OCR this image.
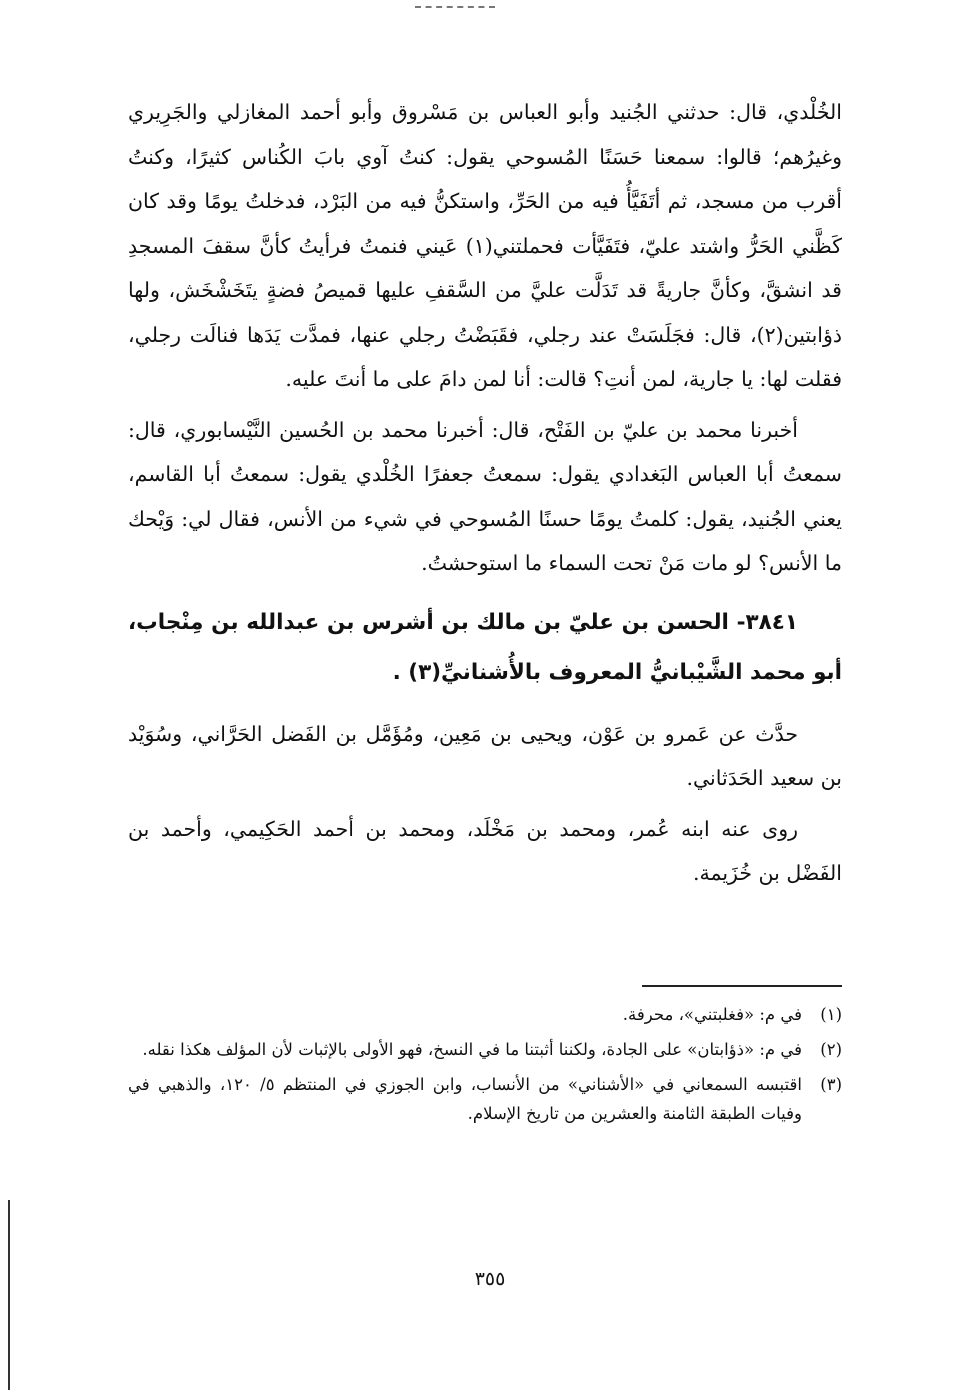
الخُلْدي، قال: حدثني الجُنيد وأبو العباس بن مَسْروق وأبو أحمد المغازلي والجَرِيري وغيرُهم؛ قالوا: سمعنا حَسَنًا المُسوحي يقول: كنتُ آوي بابَ الكُناس كثيرًا، وكنتُ أقرب من مسجد، ثم أتَفَيَّأُ فيه من الحَرِّ، واستكنُّ فيه من البَرْد، فدخلتُ يومًا وقد كان كَظَّني الحَرُّ واشتد عليّ، فتَفَيَّأت فحملتني(١) عَيني فنمتُ فرأيتُ كأنَّ سقفَ المسجدِ قد انشقَّ، وكأنَّ جاريةً قد تَدَلَّت عليَّ من السَّقفِ عليها قميصُ فضةٍ يتَخَشْخَش، ولها ذؤابتين(٢)، قال: فجَلَسَتْ عند رجلي، فقَبَضْتُ رجلي عنها، فمدَّت يَدَها فنالَت رجلي، فقلت لها: يا جارية، لمن أنتِ؟ قالت: أنا لمن دامَ على ما أنتَ عليه.

أخبرنا محمد بن عليّ بن الفَتْح، قال: أخبرنا محمد بن الحُسين النَّيْسابوري، قال: سمعتُ أبا العباس البَغدادي يقول: سمعتُ جعفرًا الخُلْدي يقول: سمعتُ أبا القاسم، يعني الجُنيد، يقول: كلمتُ يومًا حسنًا المُسوحي في شيء من الأنس، فقال لي: وَيْحك ما الأنس؟ لو مات مَنْ تحت السماء ما استوحشتُ.

٣٨٤١- الحسن بن عليّ بن مالك بن أشرس بن عبدالله بن مِنْجاب، أبو محمد الشَّيْبانيُّ المعروف بالأُشنانيِّ(٣) .

حدَّث عن عَمرو بن عَوْن، ويحيى بن مَعِين، ومُؤَمَّل بن الفَضل الحَرَّاني، وسُوَيْد بن سعيد الحَدَثاني.

روى عنه ابنه عُمر، ومحمد بن مَخْلَد، ومحمد بن أحمد الحَكِيمي، وأحمد بن الفَضْل بن خُزَيمة.

(١)
في م: «فغلبتني»، محرفة.
(٢)
في م: «ذؤابتان» على الجادة، ولكننا أثبتنا ما في النسخ، فهو الأولى بالإثبات لأن المؤلف هكذا نقله.
(٣)
اقتبسه السمعاني في «الأشناني» من الأنساب، وابن الجوزي في المنتظم ٥/ ١٢٠، والذهبي في وفيات الطبقة الثامنة والعشرين من تاريخ الإسلام.
٣٥٥
